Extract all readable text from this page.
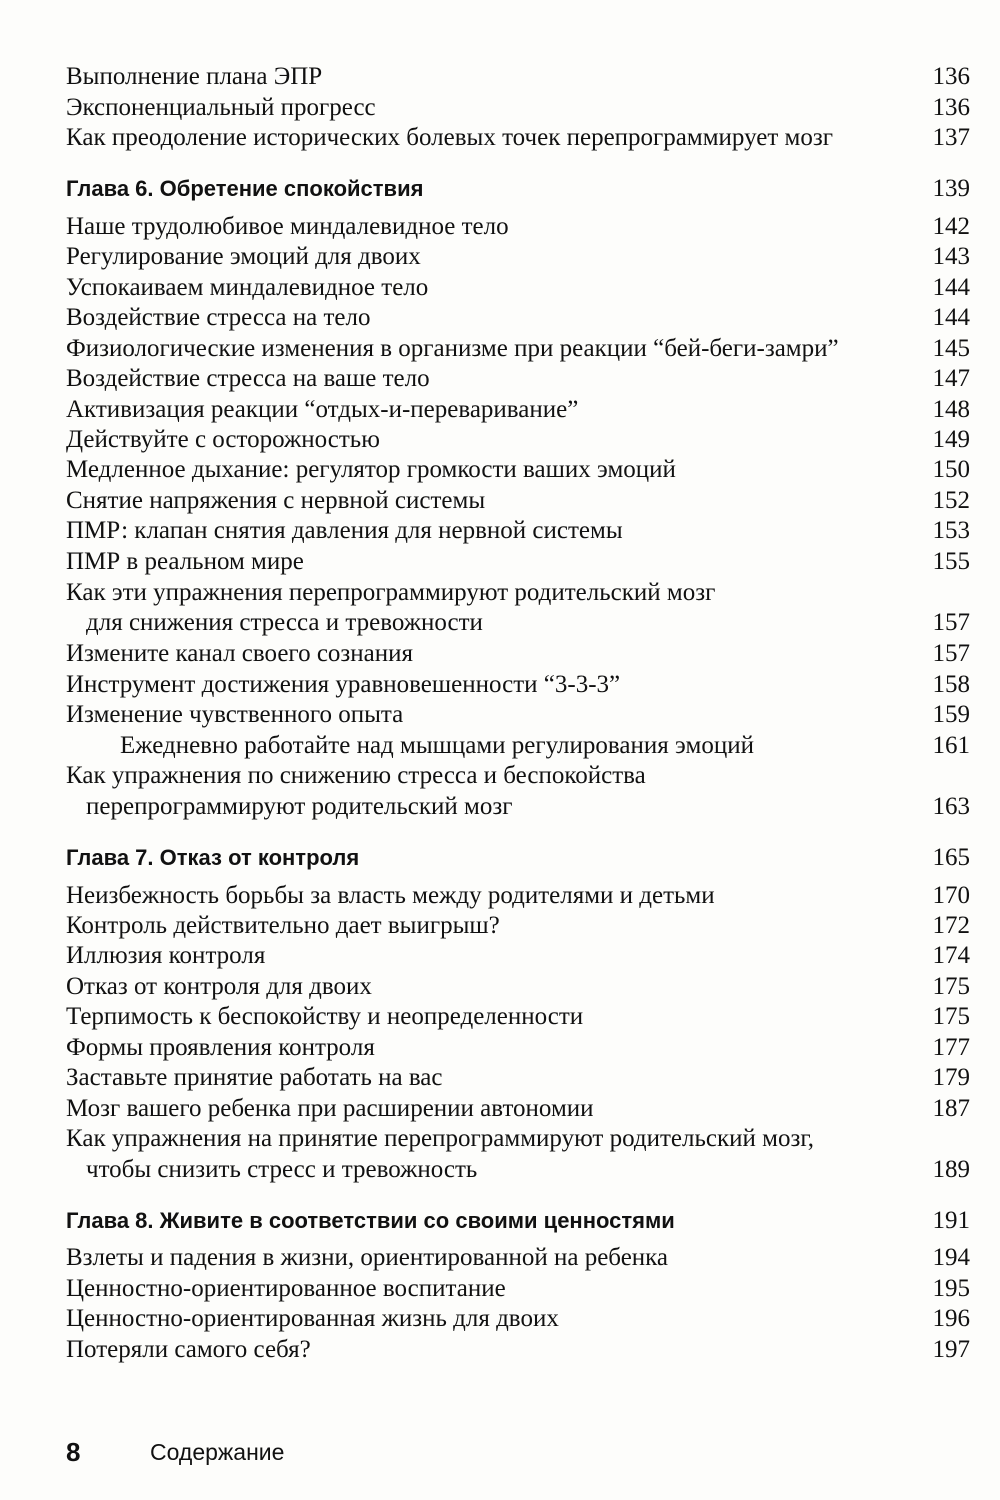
Выполнение плана ЭПР	136
Экспоненциальный прогресс	136
Как преодоление исторических болевых точек перепрограммирует мозг	137
Глава 6. Обретение спокойствия	139
Наше трудолюбивое миндалевидное тело	142
Регулирование эмоций для двоих	143
Успокаиваем миндалевидное тело	144
Воздействие стресса на тело	144
Физиологические изменения в организме при реакции “бей-беги-замри”	145
Воздействие стресса на ваше тело	147
Активизация реакции “отдых-и-переваривание”	148
Действуйте с осторожностью	149
Медленное дыхание: регулятор громкости ваших эмоций	150
Снятие напряжения с нервной системы	152
ПМР: клапан снятия давления для нервной системы	153
ПМР в реальном мире	155
Как эти упражнения перепрограммируют родительский мозг
для снижения стресса и тревожности	157
Измените канал своего сознания	157
Инструмент достижения уравновешенности “3-3-3”	158
Изменение чувственного опыта	159
Ежедневно работайте над мышцами регулирования эмоций	161
Как упражнения по снижению стресса и беспокойства
перепрограммируют родительский мозг	163
Глава 7. Отказ от контроля	165
Неизбежность борьбы за власть между родителями и детьми	170
Контроль действительно дает выигрыш?	172
Иллюзия контроля	174
Отказ от контроля для двоих	175
Терпимость к беспокойству и неопределенности	175
Формы проявления контроля	177
Заставьте принятие работать на вас	179
Мозг вашего ребенка при расширении автономии	187
Как упражнения на принятие перепрограммируют родительский мозг,
чтобы снизить стресс и тревожность	189
Глава 8. Живите в соответствии со своими ценностями	191
Взлеты и падения в жизни, ориентированной на ребенка	194
Ценностно-ориентированное воспитание	195
Ценностно-ориентированная жизнь для двоих	196
Потеряли самого себя?	197
8	Содержание
